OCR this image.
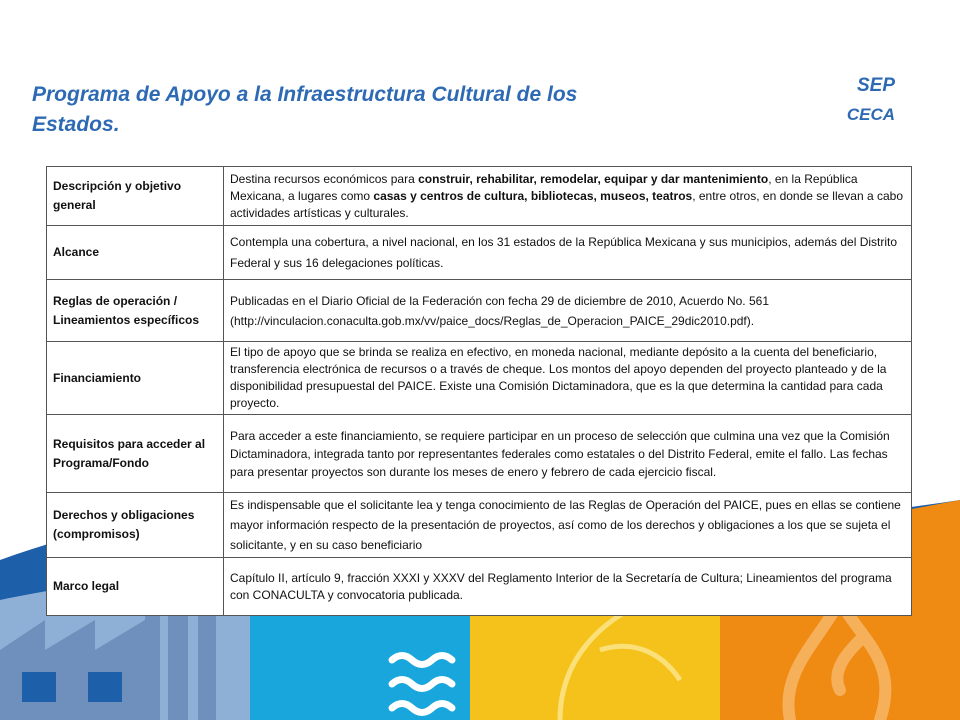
Programa de Apoyo a la Infraestructura Cultural de los Estados.
SEP
CECA
Descripción y objetivo general	Destina recursos económicos para construir, rehabilitar, remodelar, equipar y dar mantenimiento, en la República Mexicana, a lugares como casas y centros de cultura, bibliotecas, museos, teatros, entre otros, en donde se llevan a cabo actividades artísticas y culturales.
Alcance	Contempla una cobertura, a nivel nacional, en los 31 estados de la República Mexicana y sus municipios, además del Distrito Federal y sus 16 delegaciones políticas.
Reglas de operación / Lineamientos específicos	Publicadas en el Diario Oficial de la Federación con fecha 29 de diciembre de 2010, Acuerdo No. 561 (http://vinculacion.conaculta.gob.mx/vv/paice_docs/Reglas_de_Operacion_PAICE_29dic2010.pdf).
Financiamiento	El tipo de apoyo que se brinda se realiza en efectivo, en moneda nacional, mediante depósito a la cuenta del beneficiario, transferencia electrónica de recursos o a través de cheque. Los montos del apoyo dependen del proyecto planteado y de la disponibilidad presupuestal del PAICE. Existe una Comisión Dictaminadora, que es la que determina la cantidad para cada proyecto.
Requisitos para acceder al Programa/Fondo	Para acceder a este financiamiento, se requiere participar en un proceso de selección que culmina una vez que la Comisión Dictaminadora, integrada tanto por representantes federales como estatales o del Distrito Federal, emite el fallo. Las fechas para presentar proyectos son durante los meses de enero y febrero de cada ejercicio fiscal.
Derechos y obligaciones (compromisos)	Es indispensable que el solicitante lea y tenga conocimiento de las Reglas de Operación del PAICE, pues en ellas se contiene mayor información respecto de la presentación de proyectos, así como de los derechos y obligaciones a los que se sujeta el solicitante, y en su caso beneficiario
Marco legal	Capítulo II, artículo 9, fracción XXXI y XXXV del Reglamento Interior de la Secretaría de Cultura; Lineamientos del programa con CONACULTA y convocatoria publicada.
